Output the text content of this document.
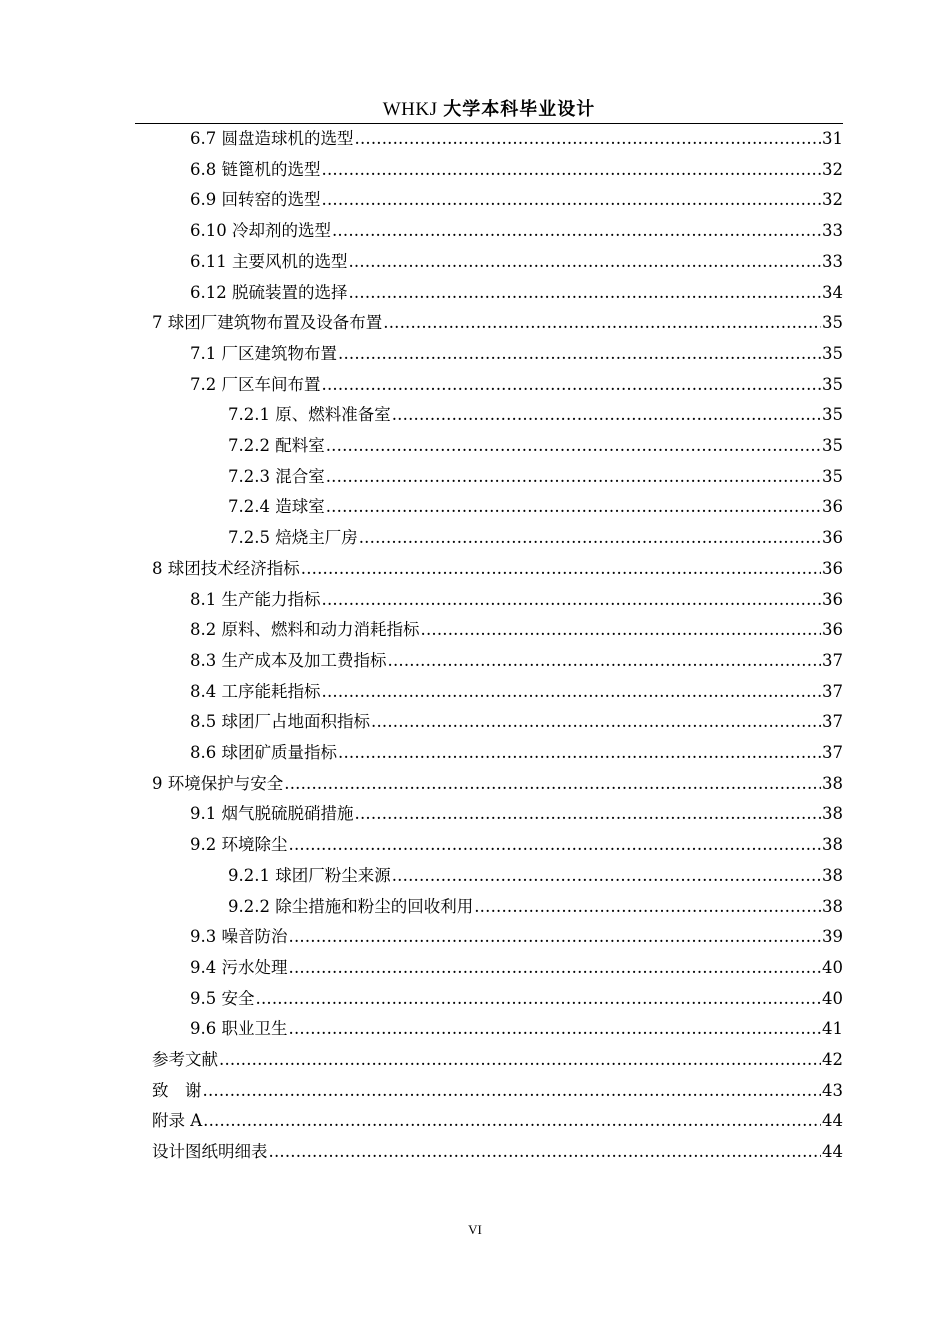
WHKJ 大学本科毕业设计
6.7 圆盘造球机的选型 .....	31
6.8 链篦机的选型 .....	32
6.9 回转窑的选型 .....	32
6.10 冷却剂的选型 .....	33
6.11 主要风机的选型 .....	33
6.12 脱硫装置的选择 .....	34
7 球团厂建筑物布置及设备布置 .....	35
7.1 厂区建筑物布置 .....	35
7.2 厂区车间布置 .....	35
7.2.1 原、燃料准备室 .....	35
7.2.2 配料室 .....	35
7.2.3 混合室 .....	35
7.2.4 造球室 .....	36
7.2.5 焙烧主厂房 .....	36
8 球团技术经济指标 .....	36
8.1 生产能力指标 .....	36
8.2 原料、燃料和动力消耗指标 .....	36
8.3 生产成本及加工费指标 .....	37
8.4 工序能耗指标 .....	37
8.5 球团厂占地面积指标 .....	37
8.6 球团矿质量指标 .....	37
9 环境保护与安全 .....	38
9.1 烟气脱硫脱硝措施 .....	38
9.2 环境除尘 .....	38
9.2.1 球团厂粉尘来源 .....	38
9.2.2 除尘措施和粉尘的回收利用 .....	38
9.3 噪音防治 .....	39
9.4 污水处理 .....	40
9.5 安全 .....	40
9.6 职业卫生 .....	41
参考文献 .....	42
致　谢 .....	43
附录 A .....	44
设计图纸明细表 .....	44
VI
